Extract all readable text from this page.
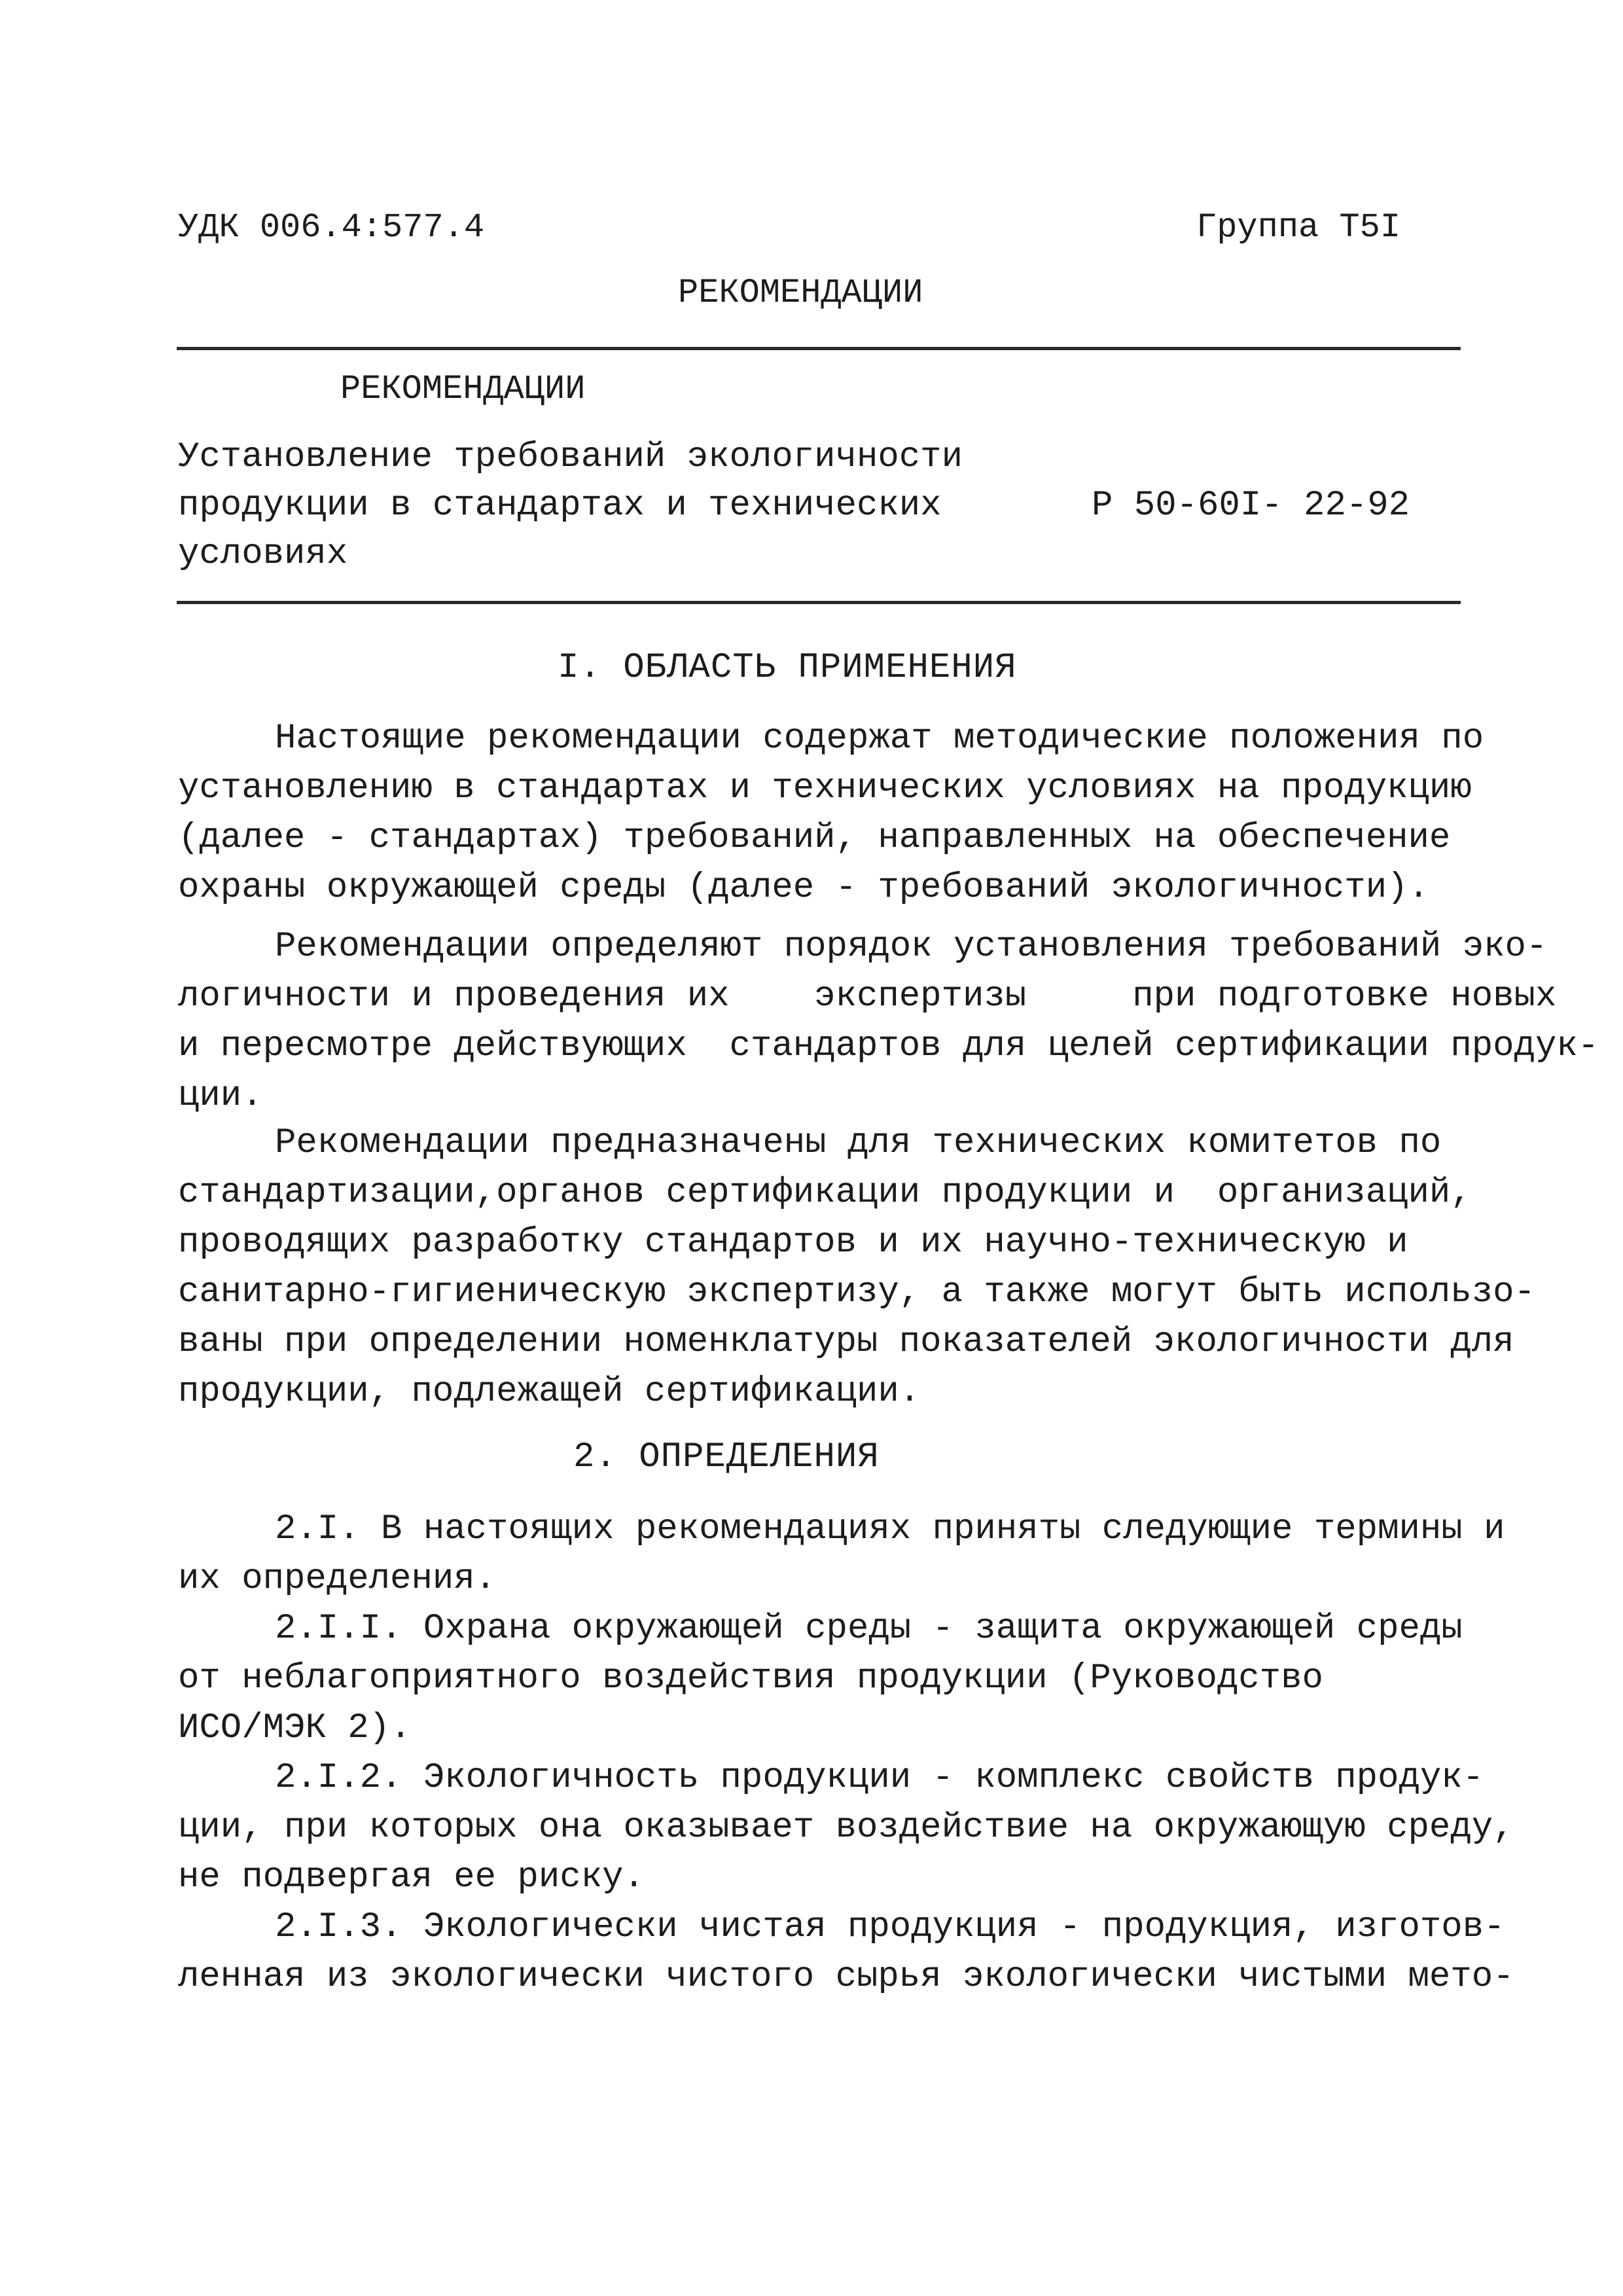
УДК 006.4:577.4	Группа Т5I
РЕКОМЕНДАЦИИ
РЕКОМЕНДАЦИИ
Установление требований экологичности
продукции в стандартах и технических
условиях
Р 50-60I- 22-92
I. ОБЛАСТЬ ПРИМЕНЕНИЯ
Настоящие рекомендации содержат методические положения по
установлению в стандартах и технических условиях на продукцию
(далее - стандартах) требований, направленных на обеспечение
охраны окружающей среды (далее - требований экологичности).
Рекомендации определяют порядок установления требований эко-
логичности и проведения их    экспертизы     при подготовке новых
и пересмотре действующих  стандартов для целей сертификации продук-
ции.
Рекомендации предназначены для технических комитетов по
стандартизации,органов сертификации продукции и  организаций,
проводящих разработку стандартов и их научно-техническую и
санитарно-гигиеническую экспертизу, а также могут быть использо-
ваны при определении номенклатуры показателей экологичности для
продукции, подлежащей сертификации.
2. ОПРЕДЕЛЕНИЯ
2.I. В настоящих рекомендациях приняты следующие термины и
их определения.
2.I.I. Охрана окружающей среды - защита окружающей среды
от неблагоприятного воздействия продукции (Руководство
ИСО/МЭК 2).
2.I.2. Экологичность продукции - комплекс свойств продук-
ции, при которых она оказывает воздействие на окружающую среду,
не подвергая ее риску.
2.I.3. Экологически чистая продукция - продукция, изготов-
ленная из экологически чистого сырья экологически чистыми мето-
